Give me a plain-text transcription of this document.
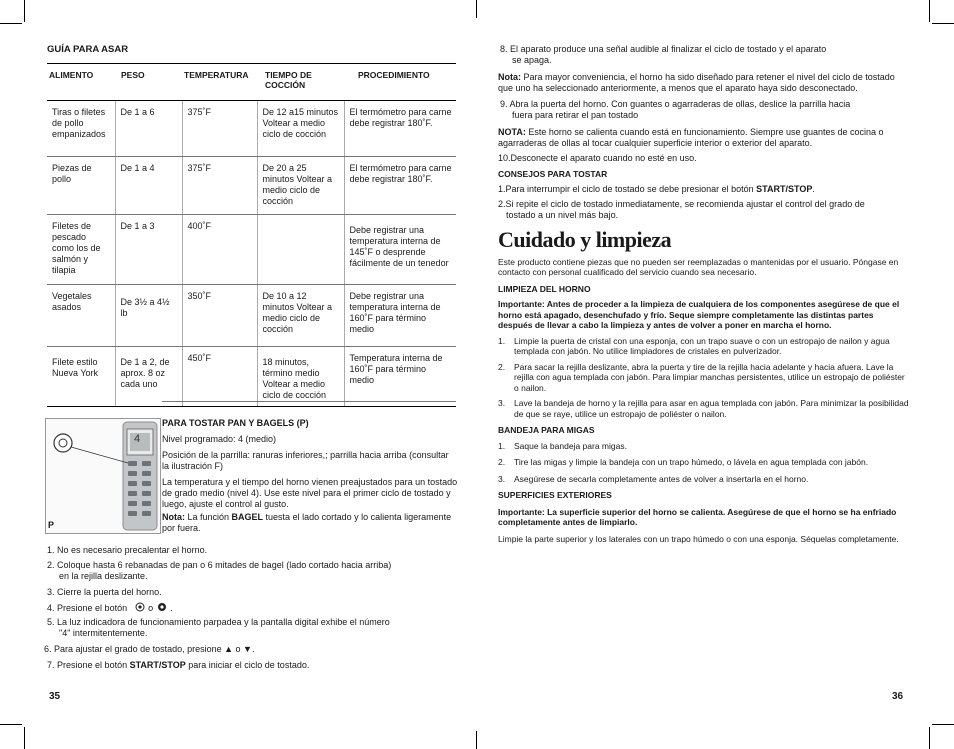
GUÍA PARA ASAR
ALIMENTO	PESO	TEMPERATURA	TIEMPO DE COCCIÓN	PROCEDIMIENTO
Tiras o filetes de pollo empanizados	De 1 a 6	375˚F	De 12 a15 minutos Voltear a medio ciclo de cocción	El termómetro para carne debe registrar 180˚F.
Piezas de pollo	De 1 a 4	375˚F	De 20 a 25 minutos Voltear a medio ciclo de cocción	El termómetro para carne debe registrar 180˚F.
Filetes de pescado como los de salmón y tilapia	De 1 a 3	400˚F		Debe registrar una temperatura interna de 145˚F o desprende fácilmente de un tenedor
Vegetales asados	De 3½ a 4½ lb	350˚F	De 10 a 12 minutos Voltear a medio ciclo de cocción	Debe registrar una temperatura interna de 160˚F para término medio
Filete estilo Nueva York	De 1 a 2, de aprox. 8 oz cada uno	450˚F	18 minutos, término medio Voltear a medio ciclo de cocción	Temperatura interna de 160˚F para término medio
4
P
PARA TOSTAR PAN Y BAGELS (P)
Nivel programado: 4 (medio)
Posición de la parrilla: ranuras inferiores,; parrilla hacia arriba (consultar la ilustración F)
La temperatura y el tiempo del horno vienen preajustados para un tostado de grado medio (nivel 4). Use este nivel para el primer ciclo de tostado y luego, ajuste el control al gusto.
Nota: La función BAGEL tuesta el lado cortado y lo calienta ligeramente por fuera.
1. No es necesario precalentar el horno.
2. Coloque hasta 6 rebanadas de pan o 6 mitades de bagel (lado cortado hacia arriba)
en la rejilla deslizante.
3. Cierre la puerta del horno.
4. Presione el botón o  .
5. La luz indicadora de funcionamiento parpadea y la pantalla digital exhibe el número
"4" intermitentemente.
6. Para ajustar el grado de tostado, presione ▲ o ▼.
7. Presione el botón START/STOP para iniciar el ciclo de tostado.
35

8. El aparato produce una señal audible al finalizar el ciclo de tostado y el aparato
se apaga.

Nota: Para mayor conveniencia, el horno ha sido diseñado para retener el nivel del ciclo de tostado que uno ha seleccionado anteriormente, a menos que el aparato haya sido desconectado.

9. Abra la puerta del horno. Con guantes o agarraderas de ollas, deslice la parrilla hacia
fuera para retirar el pan tostado

NOTA: Este horno se calienta cuando está en funcionamiento. Siempre use guantes de cocina o agarraderas de ollas al tocar cualquier superficie interior o exterior del aparato.

10.Desconecte el aparato cuando no esté en uso.

CONSEJOS PARA TOSTAR

1.Para interrumpir el ciclo de tostado se debe presionar el botón START/STOP.

2.Si repite el ciclo de tostado inmediatamente, se recomienda ajustar el control del grado de
tostado a un nivel más bajo.

Cuidado y limpieza

Este producto contiene piezas que no pueden ser reemplazadas o mantenidas por el usuario. Póngase en contacto con personal cualificado del servicio cuando sea necesario.

LIMPIEZA DEL HORNO

Importante: Antes de proceder a la limpieza de cualquiera de los componentes asegúrese de que el horno está apagado, desenchufado y frío. Seque siempre completamente las distintas partes después de llevar a cabo la limpieza y antes de volver a poner en marcha el horno.

1.	Limpie la puerta de cristal con una esponja, con un trapo suave o con un estropajo de nailon y agua templada con jabón. No utilice limpiadores de cristales en pulverizador.
2.	Para sacar la rejilla deslizante, abra la puerta y tire de la rejilla hacia adelante y hacia afuera. Lave la rejilla con agua templada con jabón. Para limpiar manchas persistentes, utilice un estropajo de poliéster o nailon.
3.	Lave la bandeja de horno y la rejilla para asar en agua templada con jabón. Para minimizar la posibilidad de que se raye, utilice un estropajo de poliéster o nailon.

BANDEJA PARA MIGAS

1.	Saque la bandeja para migas.
2.	Tire las migas y limpie la bandeja con un trapo húmedo, o lávela en agua templada con jabón.
3.	Asegúrese de secarla completamente antes de volver a insertarla en el horno.

SUPERFICIES EXTERIORES

Importante: La superficie superior del horno se calienta. Asegúrese de que el horno se ha enfriado completamente antes de limpiarlo.

Limpie la parte superior y los laterales con un trapo húmedo o con una esponja. Séquelas completamente.

36
